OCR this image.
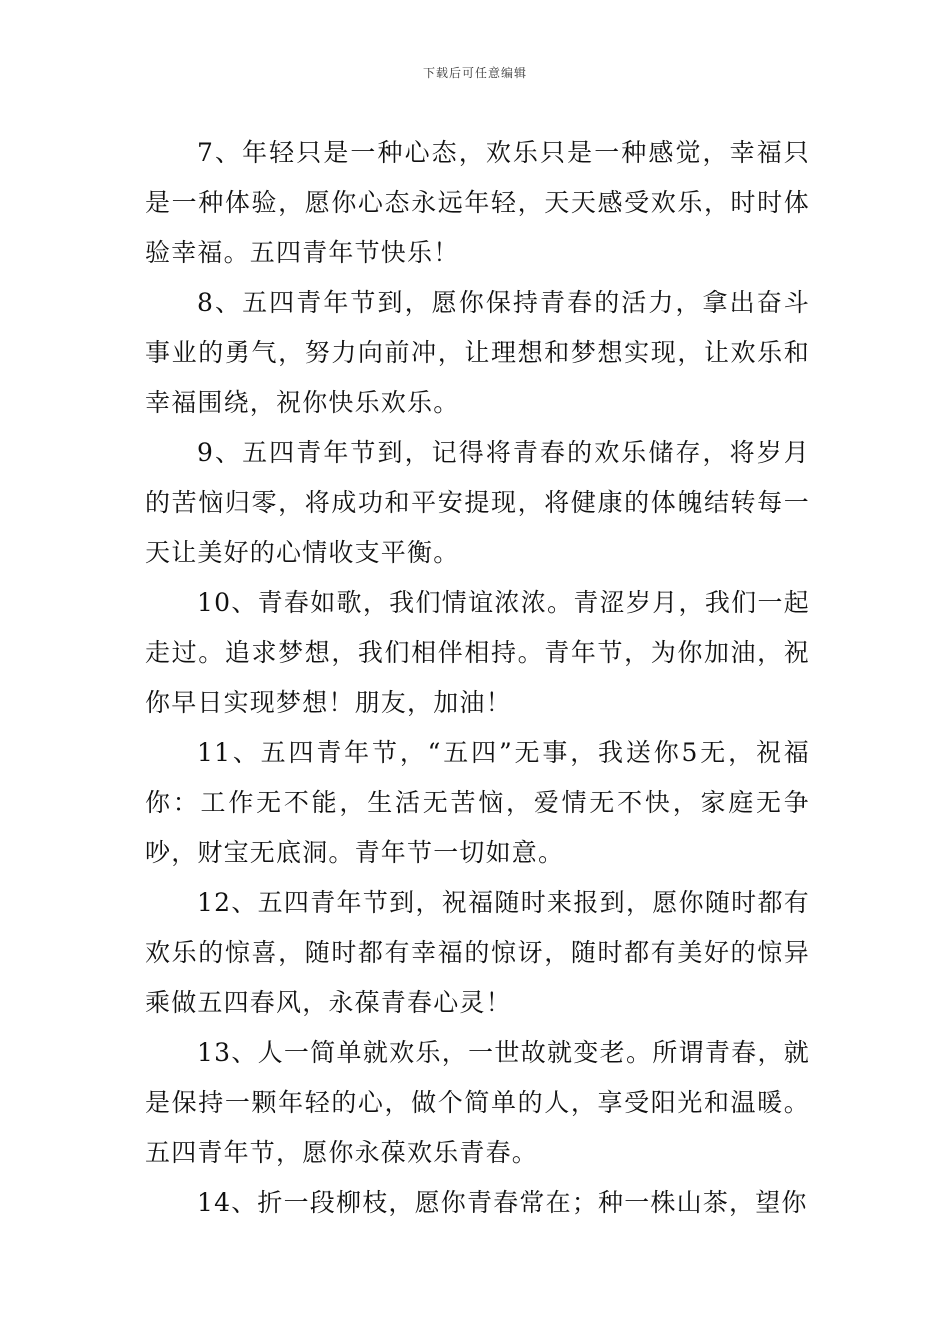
下载后可任意编辑

7、年轻只是一种心态，欢乐只是一种感觉，幸福只是一种体验，愿你心态永远年轻，天天感受欢乐，时时体验幸福。五四青年节快乐！

8、五四青年节到，愿你保持青春的活力，拿出奋斗事业的勇气，努力向前冲，让理想和梦想实现，让欢乐和幸福围绕，祝你快乐欢乐。

9、五四青年节到，记得将青春的欢乐储存，将岁月的苦恼归零，将成功和平安提现，将健康的体魄结转每一天让美好的心情收支平衡。

10、青春如歌，我们情谊浓浓。青涩岁月，我们一起走过。追求梦想，我们相伴相持。青年节，为你加油，祝你早日实现梦想！朋友，加油！

11、五四青年节，“五四”无事，我送你5无，祝福你：工作无不能，生活无苦恼，爱情无不快，家庭无争吵，财宝无底洞。青年节一切如意。

12、五四青年节到，祝福随时来报到，愿你随时都有欢乐的惊喜，随时都有幸福的惊讶，随时都有美好的惊异乘做五四春风，永葆青春心灵！

13、人一简单就欢乐，一世故就变老。所谓青春，就是保持一颗年轻的心，做个简单的人，享受阳光和温暖。五四青年节，愿你永葆欢乐青春。

14、折一段柳枝，愿你青春常在；种一株山茶，望你
